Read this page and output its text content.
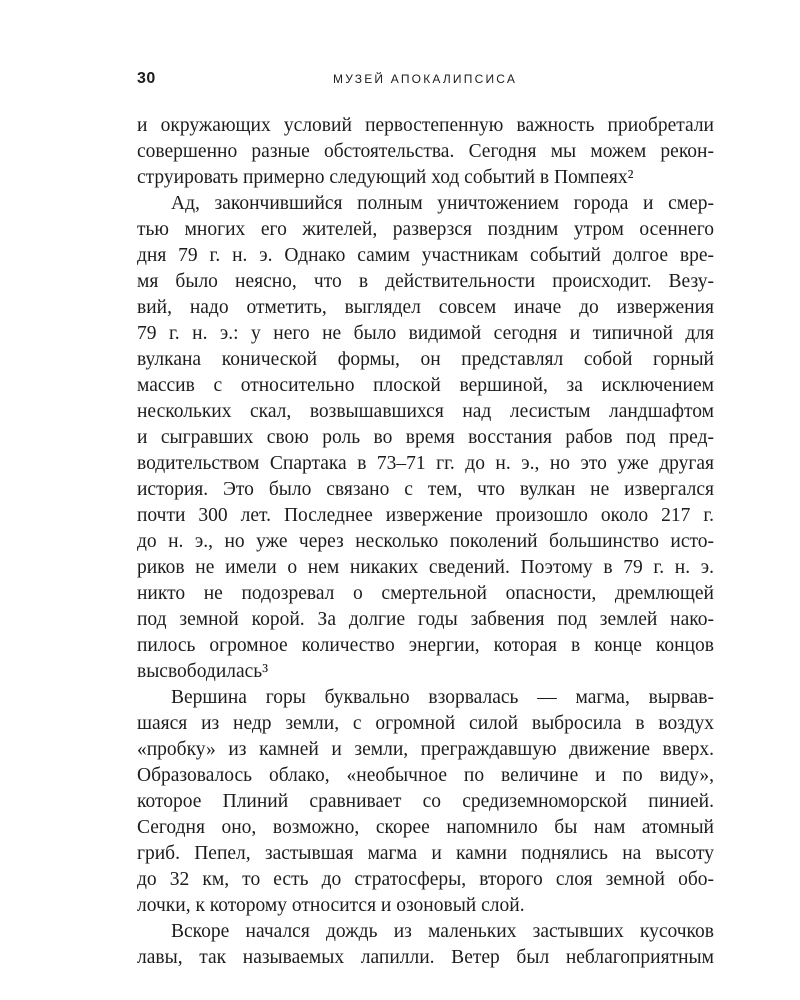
30	МУЗЕЙ АПОКАЛИПСИСА
и окружающих условий первостепенную важность приобретали
совершенно разные обстоятельства. Сегодня мы можем рекон-
струировать примерно следующий ход событий в Помпеях²
Ад, закончившийся полным уничтожением города и смер-
тью многих его жителей, разверзся поздним утром осеннего
дня 79 г. н. э. Однако самим участникам событий долгое вре-
мя было неясно, что в действительности происходит. Везу-
вий, надо отметить, выглядел совсем иначе до извержения
79 г. н. э.: у него не было видимой сегодня и типичной для
вулкана конической формы, он представлял собой горный
массив с относительно плоской вершиной, за исключением
нескольких скал, возвышавшихся над лесистым ландшафтом
и сыгравших свою роль во время восстания рабов под пред-
водительством Спартака в 73–71 гг. до н. э., но это уже другая
история. Это было связано с тем, что вулкан не извергался
почти 300 лет. Последнее извержение произошло около 217 г.
до н. э., но уже через несколько поколений большинство исто-
риков не имели о нем никаких сведений. Поэтому в 79 г. н. э.
никто не подозревал о смертельной опасности, дремлющей
под земной корой. За долгие годы забвения под землей нако-
пилось огромное количество энергии, которая в конце концов
высвободилась³
Вершина горы буквально взорвалась — магма, вырвав-
шаяся из недр земли, с огромной силой выбросила в воздух
«пробку» из камней и земли, преграждавшую движение вверх.
Образовалось облако, «необычное по величине и по виду»,
которое Плиний сравнивает со средиземноморской пинией.
Сегодня оно, возможно, скорее напомнило бы нам атомный
гриб. Пепел, застывшая магма и камни поднялись на высоту
до 32 км, то есть до стратосферы, второго слоя земной обо-
лочки, к которому относится и озоновый слой.
Вскоре начался дождь из маленьких застывших кусочков
лавы, так называемых лапилли. Ветер был неблагоприятным
